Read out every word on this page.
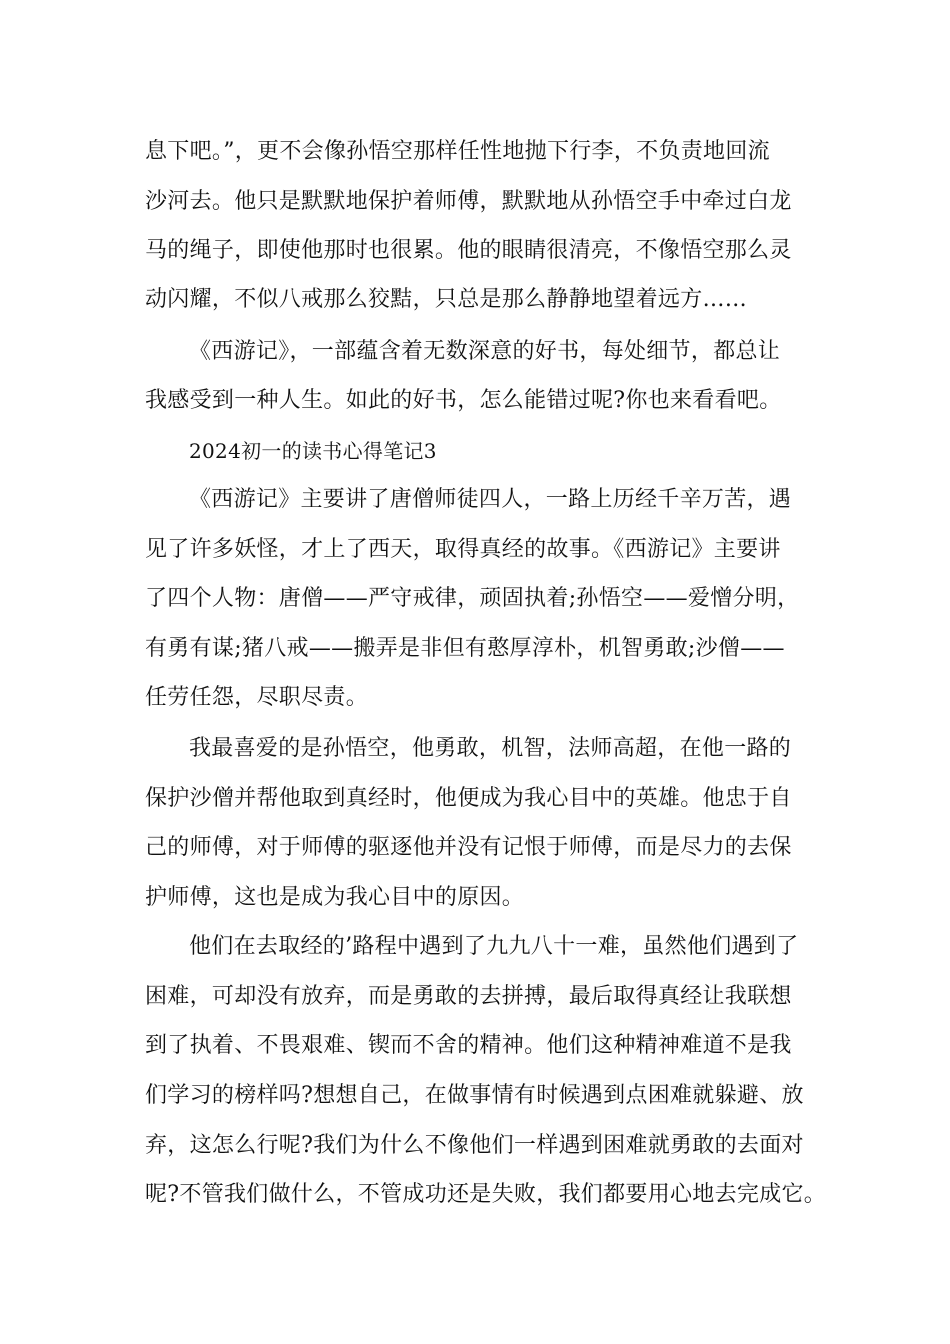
息下吧。”，更不会像孙悟空那样任性地抛下行李，不负责地回流
沙河去。他只是默默地保护着师傅，默默地从孙悟空手中牵过白龙
马的绳子，即使他那时也很累。他的眼睛很清亮，不像悟空那么灵
动闪耀，不似八戒那么狡黠，只总是那么静静地望着远方……
《西游记》，一部蕴含着无数深意的好书，每处细节，都总让
我感受到一种人生。如此的好书，怎么能错过呢?你也来看看吧。
2024初一的读书心得笔记3
《西游记》主要讲了唐僧师徒四人，一路上历经千辛万苦，遇
见了许多妖怪，才上了西天，取得真经的故事。《西游记》主要讲
了四个人物：唐僧——严守戒律，顽固执着;孙悟空——爱憎分明，
有勇有谋;猪八戒——搬弄是非但有憨厚淳朴，机智勇敢;沙僧——
任劳任怨，尽职尽责。
我最喜爱的是孙悟空，他勇敢，机智，法师高超，在他一路的
保护沙僧并帮他取到真经时，他便成为我心目中的英雄。他忠于自
己的师傅，对于师傅的驱逐他并没有记恨于师傅，而是尽力的去保
护师傅，这也是成为我心目中的原因。
他们在去取经的’路程中遇到了九九八十一难，虽然他们遇到了
困难，可却没有放弃，而是勇敢的去拼搏，最后取得真经让我联想
到了执着、不畏艰难、锲而不舍的精神。他们这种精神难道不是我
们学习的榜样吗?想想自己，在做事情有时候遇到点困难就躲避、放
弃，这怎么行呢?我们为什么不像他们一样遇到困难就勇敢的去面对
呢?不管我们做什么，不管成功还是失败，我们都要用心地去完成它。
